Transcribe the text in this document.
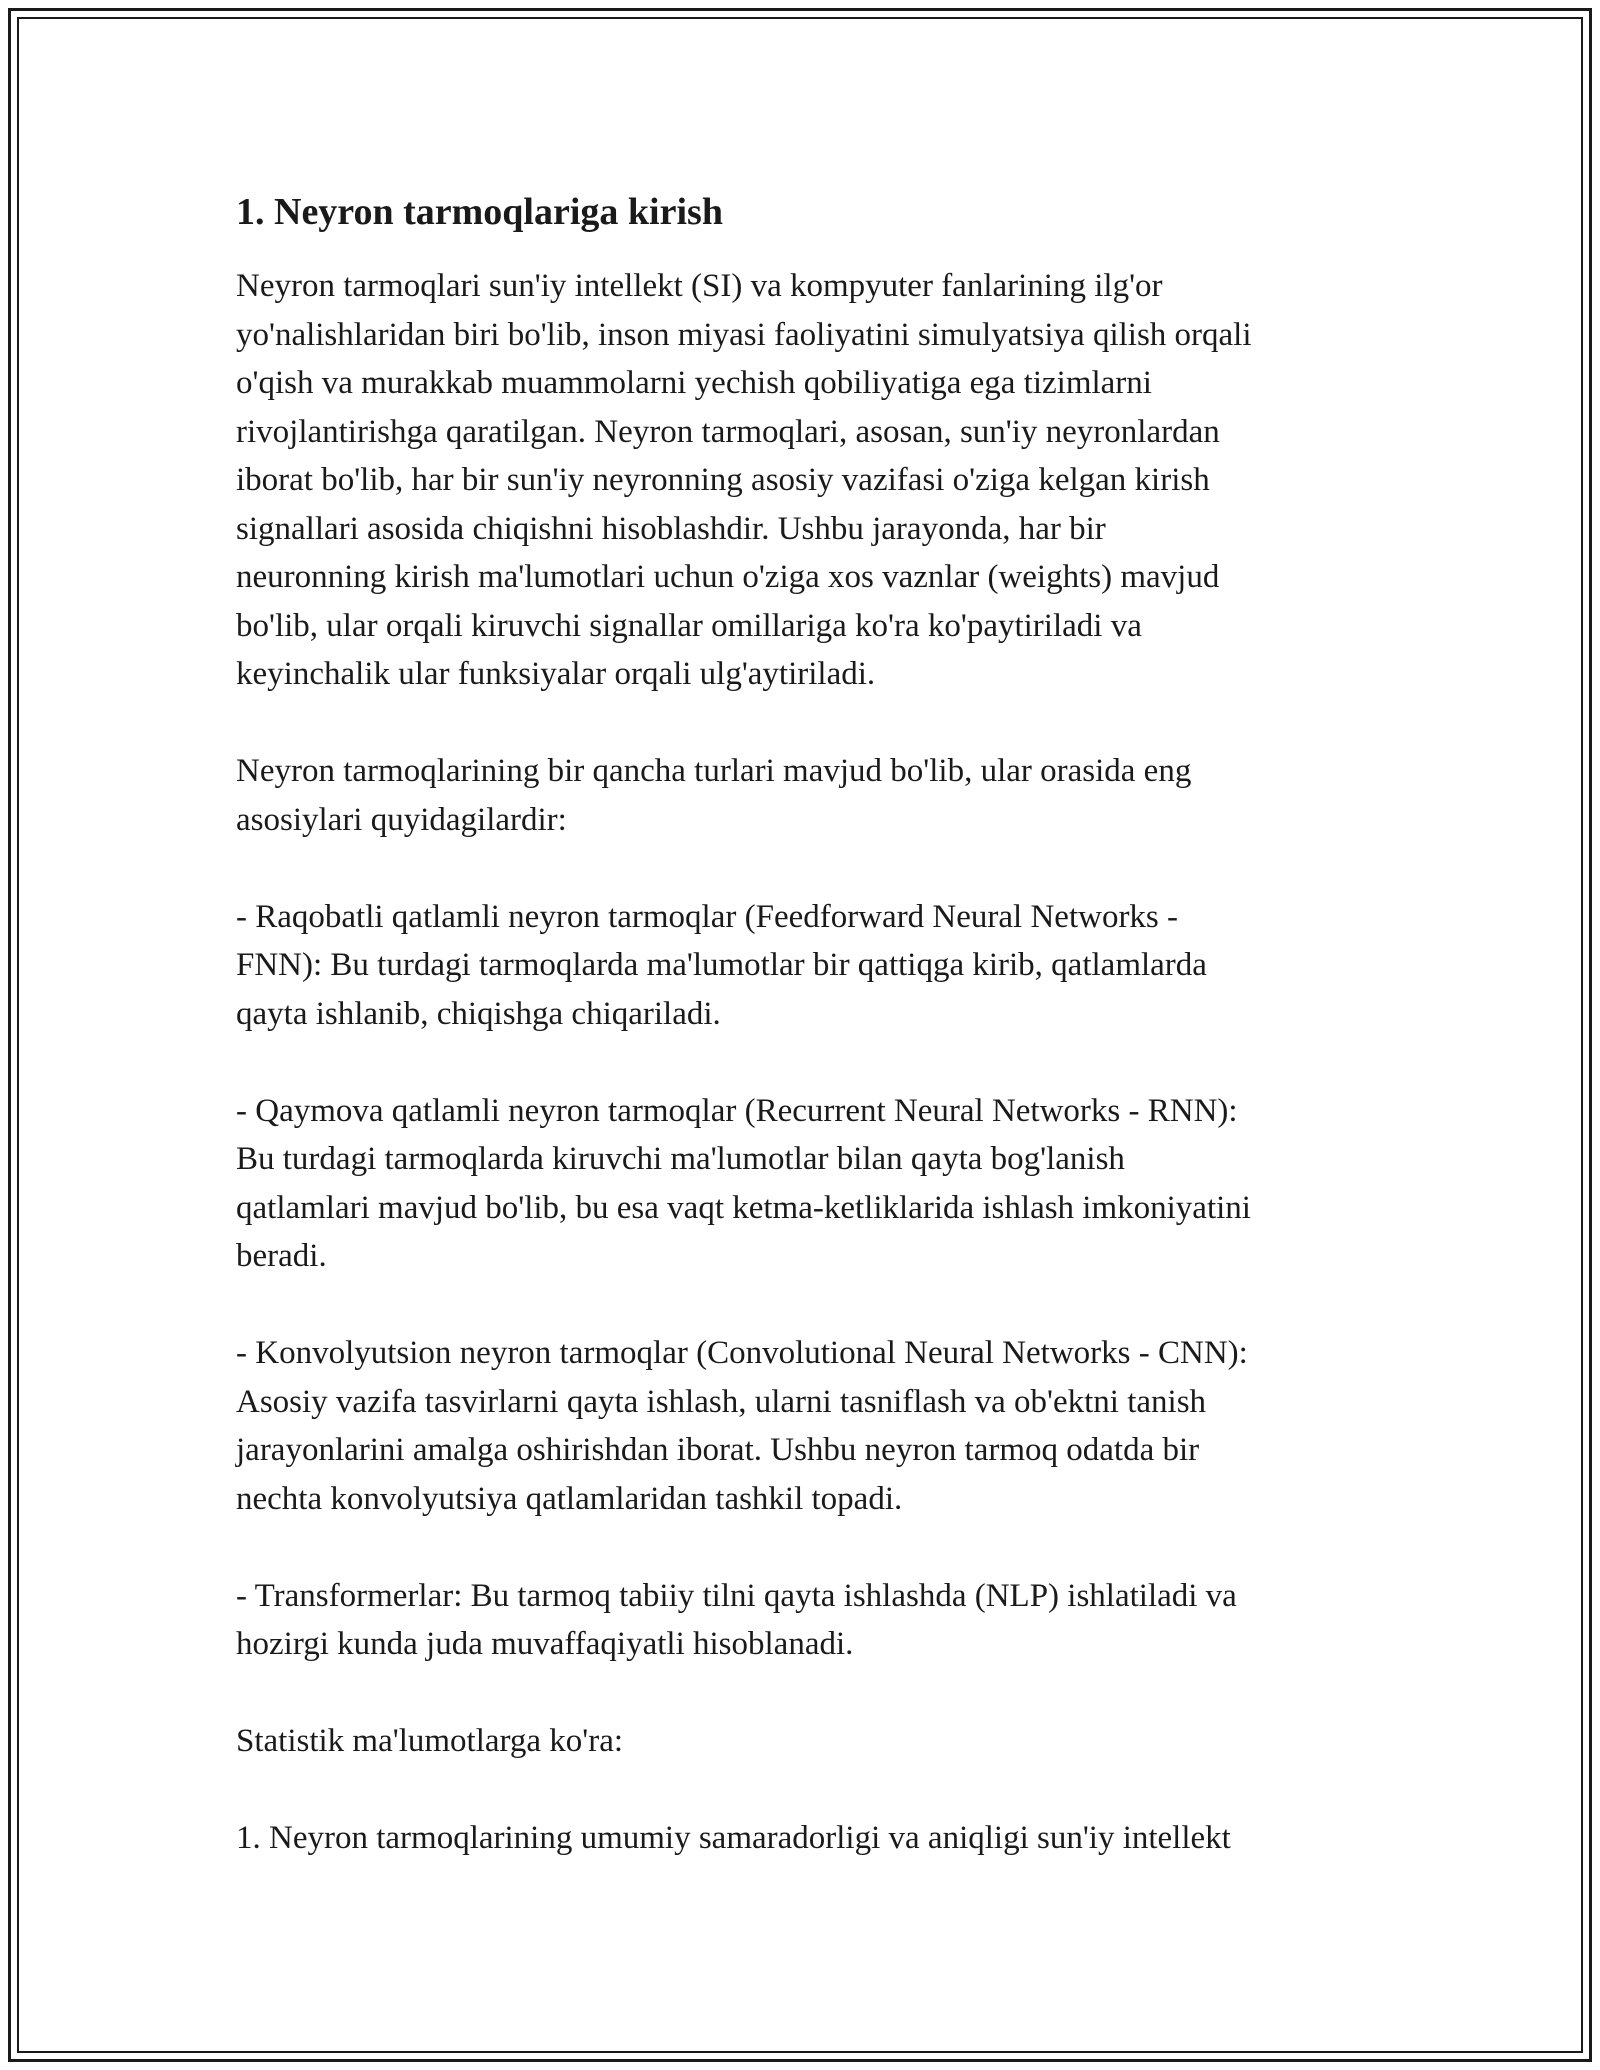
1. Neyron tarmoqlariga kirish

Neyron tarmoqlari sun'iy intellekt (SI) va kompyuter fanlarining ilg'or
yo'nalishlaridan biri bo'lib, inson miyasi faoliyatini simulyatsiya qilish orqali
o'qish va murakkab muammolarni yechish qobiliyatiga ega tizimlarni
rivojlantirishga qaratilgan. Neyron tarmoqlari, asosan, sun'iy neyronlardan
iborat bo'lib, har bir sun'iy neyronning asosiy vazifasi o'ziga kelgan kirish
signallari asosida chiqishni hisoblashdir. Ushbu jarayonda, har bir
neuronning kirish ma'lumotlari uchun o'ziga xos vaznlar (weights) mavjud
bo'lib, ular orqali kiruvchi signallar omillariga ko'ra ko'paytiriladi va
keyinchalik ular funksiyalar orqali ulg'aytiriladi.

Neyron tarmoqlarining bir qancha turlari mavjud bo'lib, ular orasida eng
asosiylari quyidagilardir:

- Raqobatli qatlamli neyron tarmoqlar (Feedforward Neural Networks -
FNN): Bu turdagi tarmoqlarda ma'lumotlar bir qattiqga kirib, qatlamlarda
qayta ishlanib, chiqishga chiqariladi.

- Qaymova qatlamli neyron tarmoqlar (Recurrent Neural Networks - RNN):
Bu turdagi tarmoqlarda kiruvchi ma'lumotlar bilan qayta bog'lanish
qatlamlari mavjud bo'lib, bu esa vaqt ketma-ketliklarida ishlash imkoniyatini
beradi.

- Konvolyutsion neyron tarmoqlar (Convolutional Neural Networks - CNN):
Asosiy vazifa tasvirlarni qayta ishlash, ularni tasniflash va ob'ektni tanish
jarayonlarini amalga oshirishdan iborat. Ushbu neyron tarmoq odatda bir
nechta konvolyutsiya qatlamlaridan tashkil topadi.

- Transformerlar: Bu tarmoq tabiiy tilni qayta ishlashda (NLP) ishlatiladi va
hozirgi kunda juda muvaffaqiyatli hisoblanadi.

Statistik ma'lumotlarga ko'ra:

1. Neyron tarmoqlarining umumiy samaradorligi va aniqligi sun'iy intellekt
